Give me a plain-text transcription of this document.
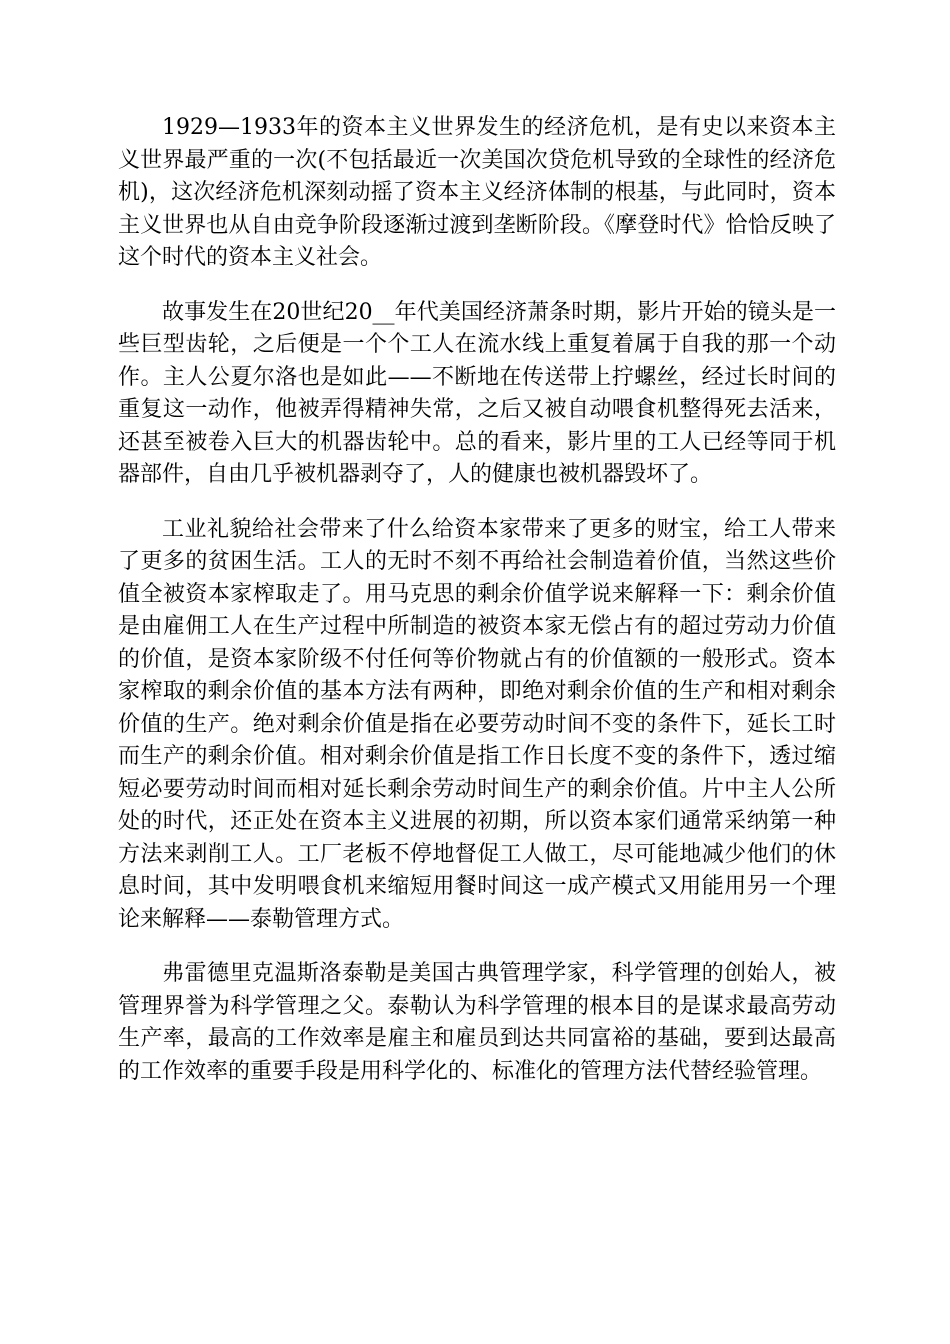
1929—1933年的资本主义世界发生的经济危机，是有史以来资本主义世界最严重的一次(不包括最近一次美国次贷危机导致的全球性的经济危机)，这次经济危机深刻动摇了资本主义经济体制的根基，与此同时，资本主义世界也从自由竞争阶段逐渐过渡到垄断阶段。《摩登时代》恰恰反映了这个时代的资本主义社会。

故事发生在20世纪20__年代美国经济萧条时期，影片开始的镜头是一些巨型齿轮，之后便是一个个工人在流水线上重复着属于自我的那一个动作。主人公夏尔洛也是如此——不断地在传送带上拧螺丝，经过长时间的重复这一动作，他被弄得精神失常，之后又被自动喂食机整得死去活来，还甚至被卷入巨大的机器齿轮中。总的看来，影片里的工人已经等同于机器部件，自由几乎被机器剥夺了，人的健康也被机器毁坏了。

工业礼貌给社会带来了什么给资本家带来了更多的财宝，给工人带来了更多的贫困生活。工人的无时不刻不再给社会制造着价值，当然这些价值全被资本家榨取走了。用马克思的剩余价值学说来解释一下：剩余价值是由雇佣工人在生产过程中所制造的被资本家无偿占有的超过劳动力价值的价值，是资本家阶级不付任何等价物就占有的价值额的一般形式。资本家榨取的剩余价值的基本方法有两种，即绝对剩余价值的生产和相对剩余价值的生产。绝对剩余价值是指在必要劳动时间不变的条件下，延长工时而生产的剩余价值。相对剩余价值是指工作日长度不变的条件下，透过缩短必要劳动时间而相对延长剩余劳动时间生产的剩余价值。片中主人公所处的时代，还正处在资本主义进展的初期，所以资本家们通常采纳第一种方法来剥削工人。工厂老板不停地督促工人做工，尽可能地减少他们的休息时间，其中发明喂食机来缩短用餐时间这一成产模式又用能用另一个理论来解释——泰勒管理方式。

弗雷德里克温斯洛泰勒是美国古典管理学家，科学管理的创始人，被管理界誉为科学管理之父。泰勒认为科学管理的根本目的是谋求最高劳动生产率，最高的工作效率是雇主和雇员到达共同富裕的基础，要到达最高的工作效率的重要手段是用科学化的、标准化的管理方法代替经验管理。
